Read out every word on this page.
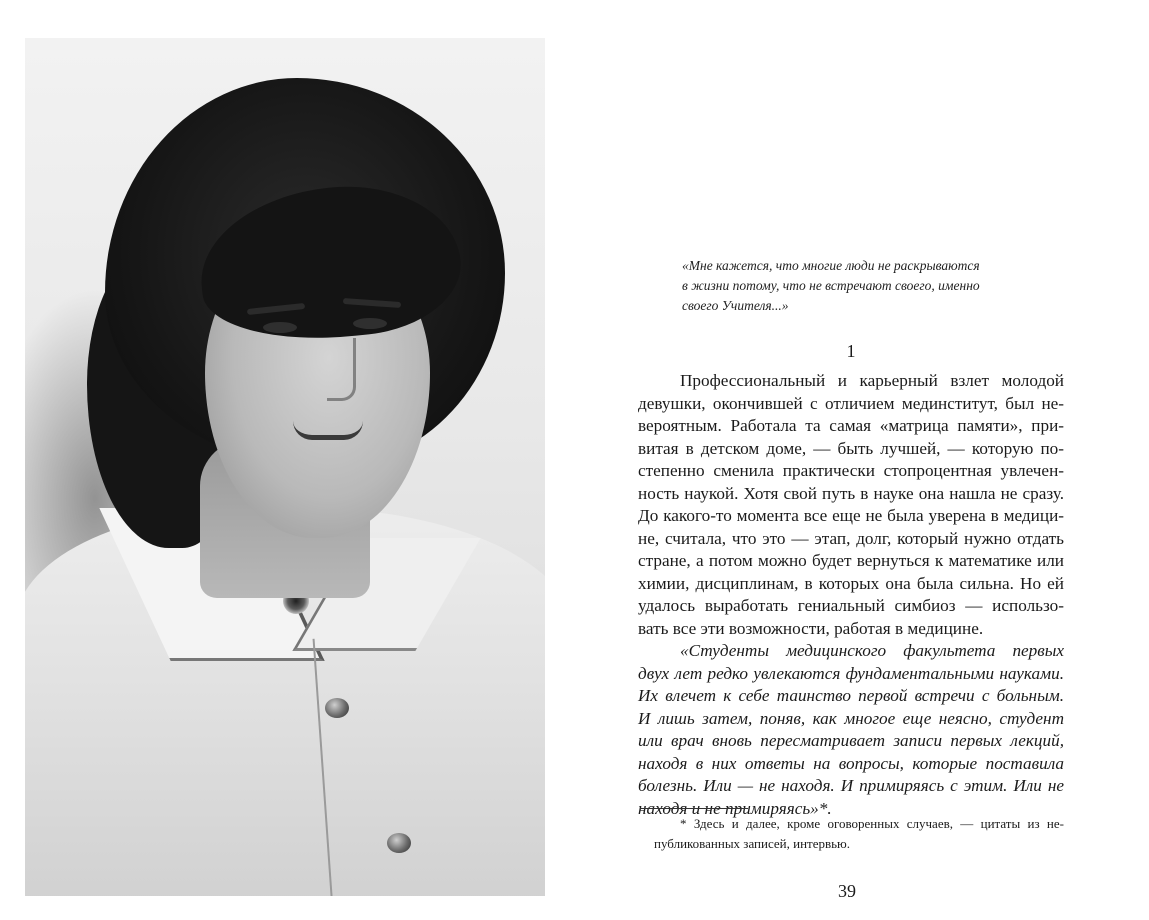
«Мне кажется, что многие люди не раскрываются
в жизни потому, что не встречают своего, именно
своего Учителя...»
1
Профессиональный и карьерный взлет молодой
девушки, окончившей с отличием мединститут, был не-
вероятным. Работала та самая «матрица памяти», при-
витая в детском доме, — быть лучшей, — которую по-
степенно сменила практически стопроцентная увлечен-
ность наукой. Хотя свой путь в науке она нашла не сразу.
До какого-то момента все еще не была уверена в медици-
не, считала, что это — этап, долг, который нужно отдать
стране, а потом можно будет вернуться к математике или
химии, дисциплинам, в которых она была сильна. Но ей
удалось выработать гениальный симбиоз — использо-
вать все эти возможности, работая в медицине.
«Студенты медицинского факультета первых
двух лет редко увлекаются фундаментальными науками.
Их влечет к себе таинство первой встречи с больным.
И лишь затем, поняв, как многое еще неясно, студент
или врач вновь пересматривает записи первых лекций,
находя в них ответы на вопросы, которые поставила
болезнь. Или — не находя. И примиряясь с этим. Или не
находя и не примиряясь»*.
* Здесь и далее, кроме оговоренных случаев, — цитаты из не-
публикованных записей, интервью.
39
